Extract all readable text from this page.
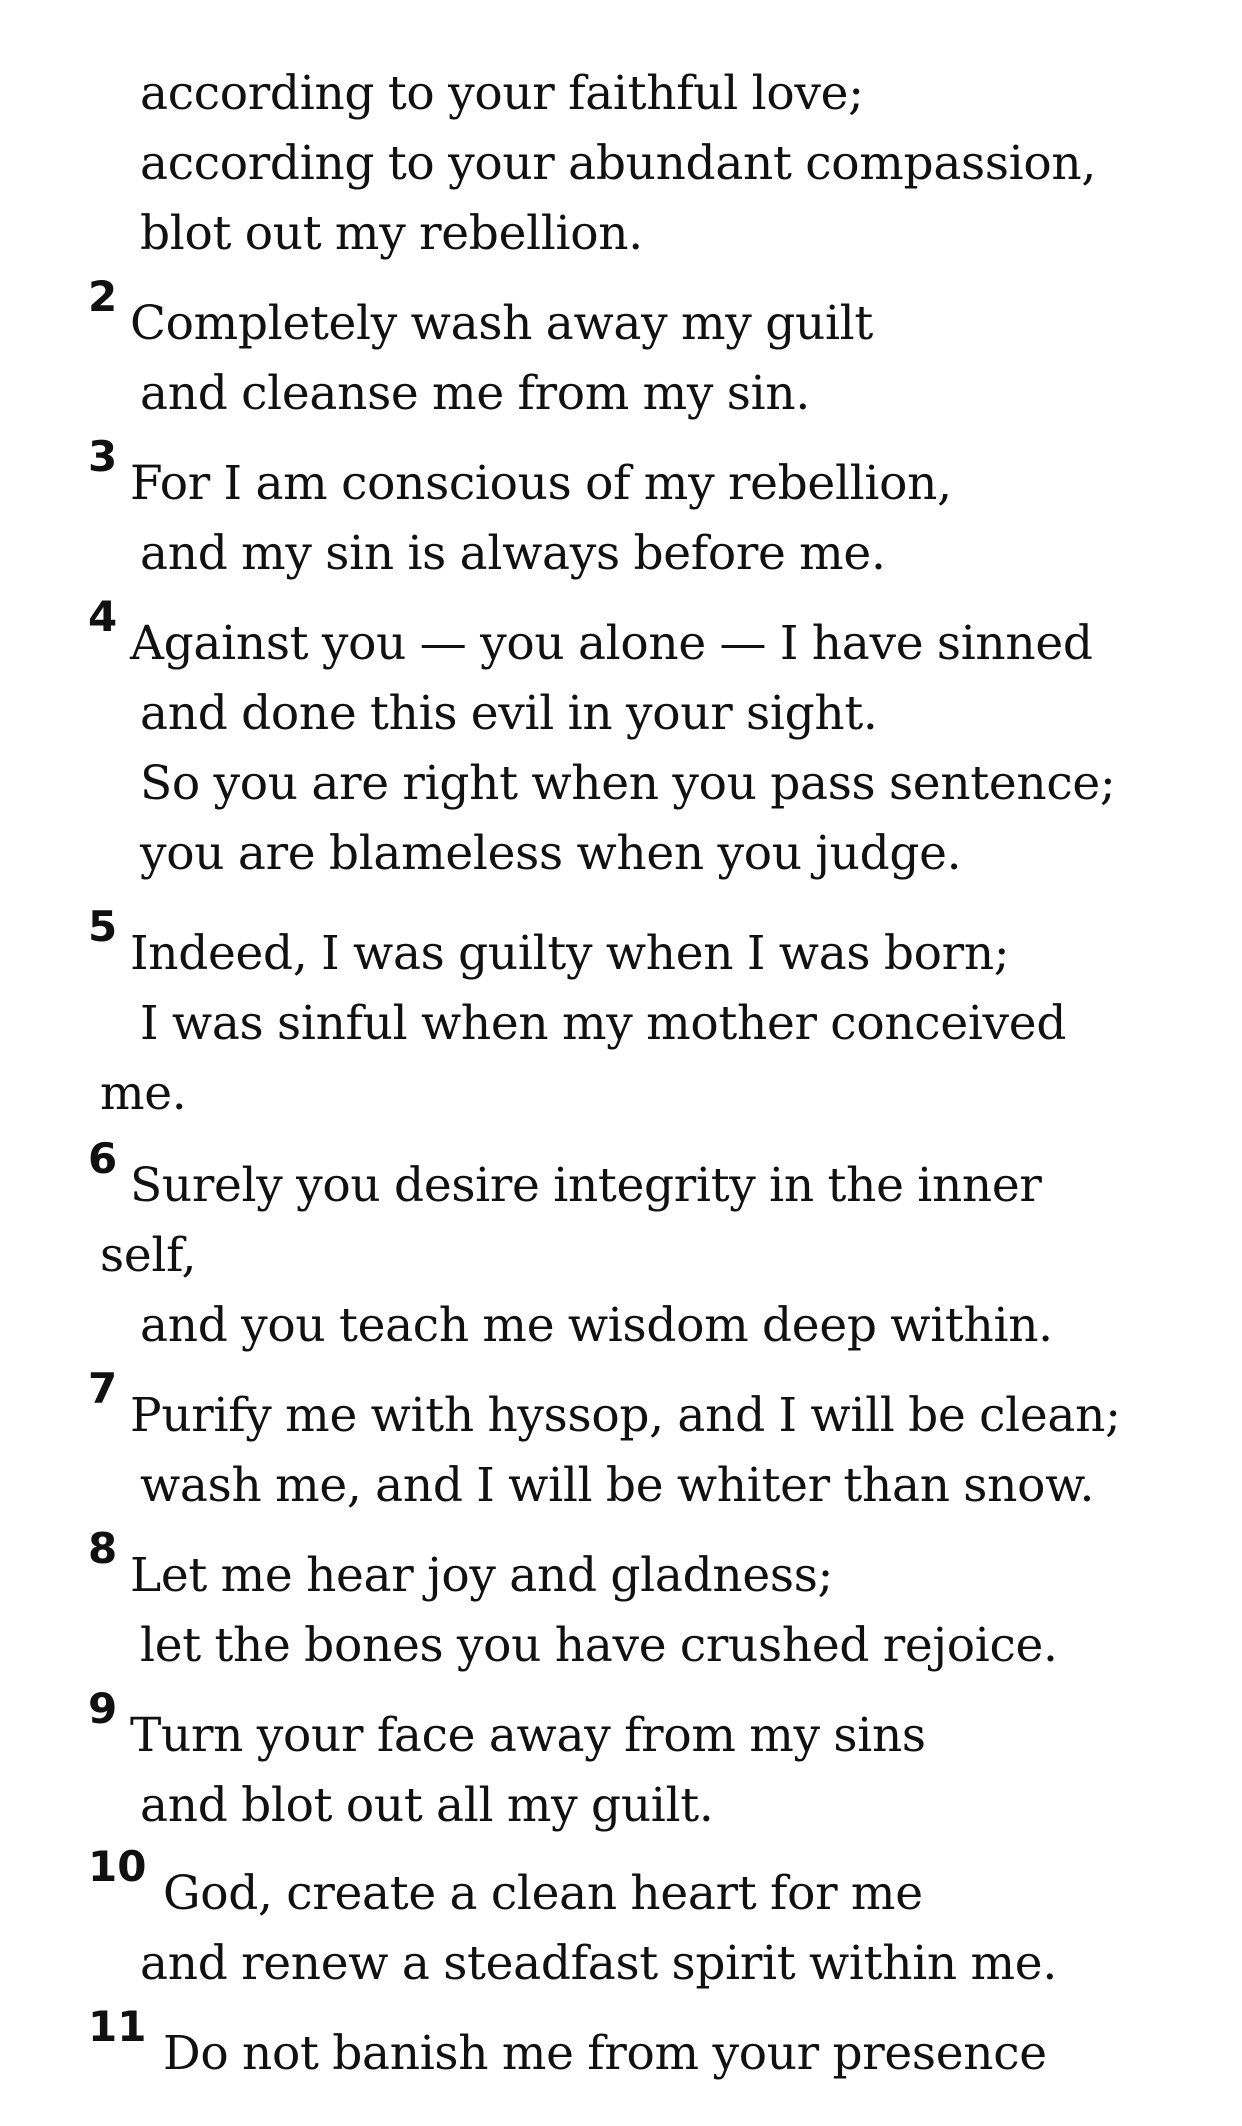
according to your faithful love;
according to your abundant compassion,
blot out my rebellion.
2 Completely wash away my guilt
and cleanse me from my sin.
3 For I am conscious of my rebellion,
and my sin is always before me.
4 Against you — you alone — I have sinned
and done this evil in your sight.
So you are right when you pass sentence;
you are blameless when you judge.
5 Indeed, I was guilty when I was born;
I was sinful when my mother conceived
me.
6 Surely you desire integrity in the inner
self,
and you teach me wisdom deep within.
7 Purify me with hyssop, and I will be clean;
wash me, and I will be whiter than snow.
8 Let me hear joy and gladness;
let the bones you have crushed rejoice.
9 Turn your face away from my sins
and blot out all my guilt.
10 God, create a clean heart for me
and renew a steadfast spirit within me.
11 Do not banish me from your presence
